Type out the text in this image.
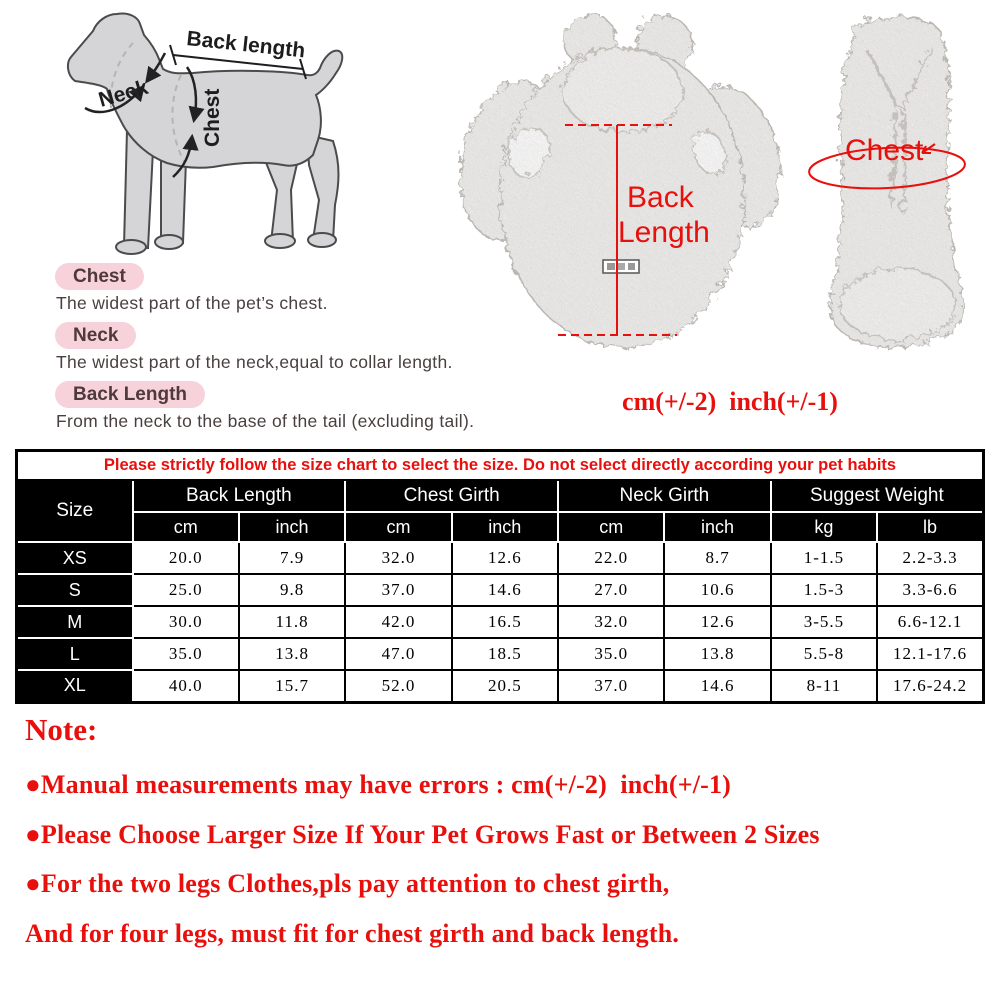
Back length
Neck Chest
Back
Length
Chest
Chest
The widest part of the pet’s chest.
Neck
The widest part of the neck,equal to collar length.
Back Length
From the neck to the base of the tail (excluding tail).
cm(+/-2)  inch(+/-1)
Please strictly follow the size chart to select the size. Do not select directly according your pet habits								
Size	Back Length		Chest Girth		Neck Girth		Suggest Weight	
	cm	inch	cm	inch	cm	inch	kg	lb
XS	20.0	7.9	32.0	12.6	22.0	8.7	1-1.5	2.2-3.3
S	25.0	9.8	37.0	14.6	27.0	10.6	1.5-3	3.3-6.6
M	30.0	11.8	42.0	16.5	32.0	12.6	3-5.5	6.6-12.1
L	35.0	13.8	47.0	18.5	35.0	13.8	5.5-8	12.1-17.6
XL	40.0	15.7	52.0	20.5	37.0	14.6	8-11	17.6-24.2

Note:

●Manual measurements may have errors : cm(+/-2)  inch(+/-1)

●Please Choose Larger Size If Your Pet Grows Fast or Between 2 Sizes

●For the two legs Clothes,pls pay attention to chest girth,

And for four legs, must fit for chest girth and back length.
